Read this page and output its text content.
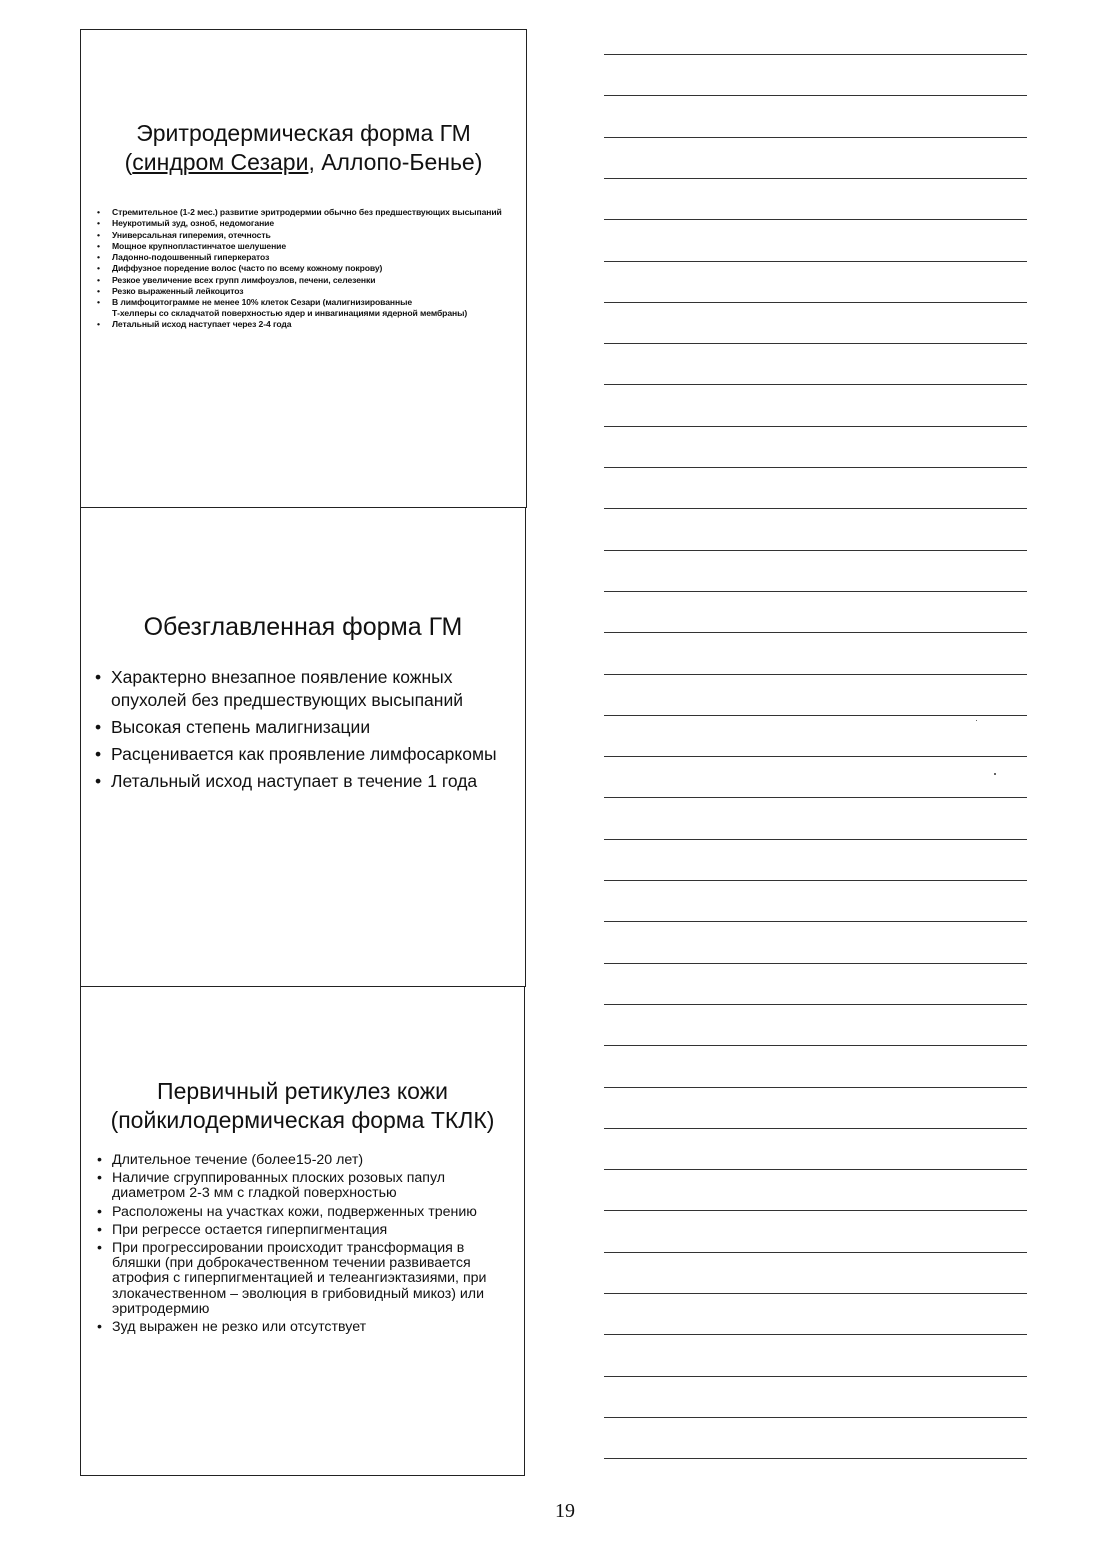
Эритродермическая форма ГМ
(синдром Сезари, Аллопо-Бенье)
• Стремительное (1-2 мес.) развитие эритродермии обычно без предшествующих высыпаний
• Неукротимый зуд, озноб, недомогание
• Универсальная гиперемия, отечность
• Мощное крупнопластинчатое шелушение
• Ладонно-подошвенный гиперкератоз
• Диффузное поредение волос (часто по всему кожному покрову)
• Резкое увеличение всех групп лимфоузлов, печени, селезенки
• Резко выраженный лейкоцитоз
• В лимфоцитограмме не менее 10% клеток Сезари (малигнизированные
Т-хелперы со складчатой поверхностью ядер и инвагинациями ядерной мембраны)
• Летальный исход наступает через 2-4 года
Обезглавленная форма ГМ
• Характерно внезапное появление кожных опухолей без предшествующих высыпаний
• Высокая степень малигнизации
• Расценивается как проявление лимфосаркомы
• Летальный исход наступает в течение 1 года
Первичный ретикулез кожи
(пойкилодермическая форма ТКЛК)
• Длительное течение (более15-20 лет)
• Наличие сгруппированных плоских розовых папул диаметром 2-3 мм с гладкой поверхностью
• Расположены на участках кожи, подверженных трению
• При регрессе остается гиперпигментация
• При прогрессировании происходит трансформация в бляшки (при доброкачественном течении развивается атрофия с гиперпигментацией и телеангиэктазиями, при злокачественном – эволюция в грибовидный микоз) или эритродермию
• Зуд выражен не резко или отсутствует
19
